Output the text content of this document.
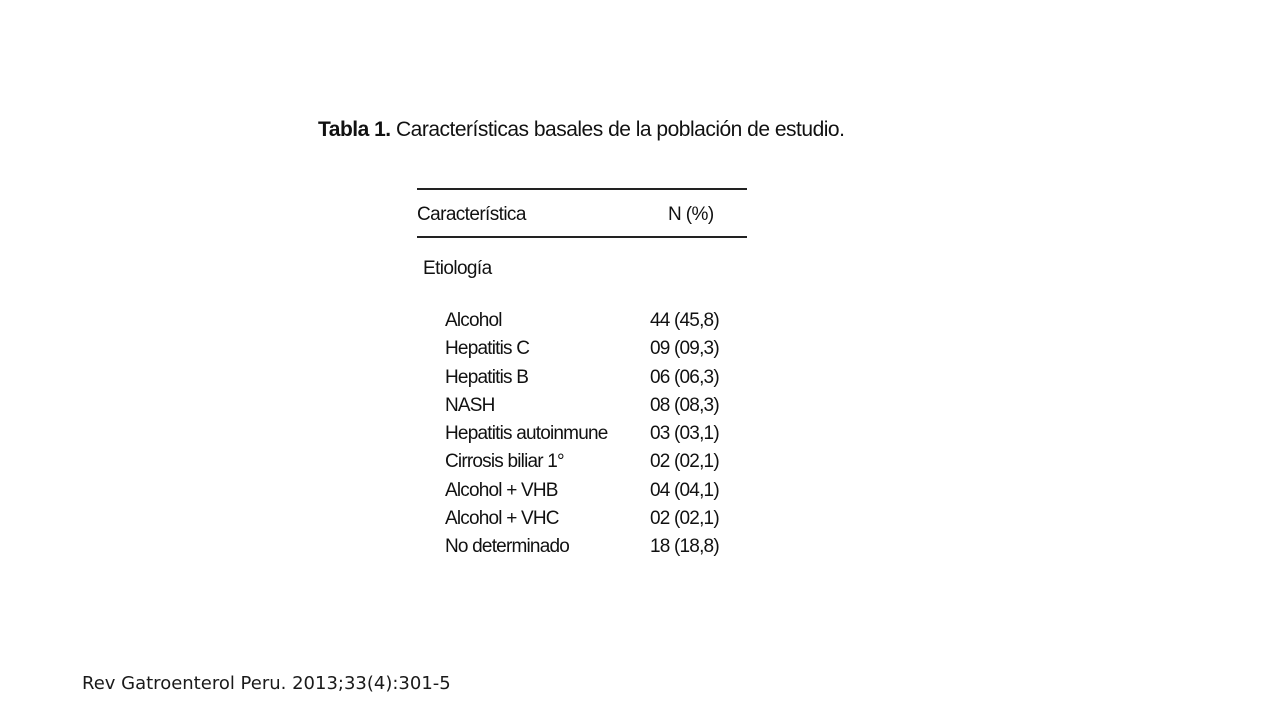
Tabla 1. Características basales de la población de estudio.
Característica	N (%)
Etiología
Alcohol	44 (45,8)
Hepatitis C	09 (09,3)
Hepatitis B	06 (06,3)
NASH	08 (08,3)
Hepatitis autoinmune 03 (03,1)
Cirrosis biliar 1°	02 (02,1)
Alcohol + VHB	04 (04,1)
Alcohol + VHC	02 (02,1)
No determinado	18 (18,8)
Rev Gatroenterol Peru. 2013;33(4):301-5
